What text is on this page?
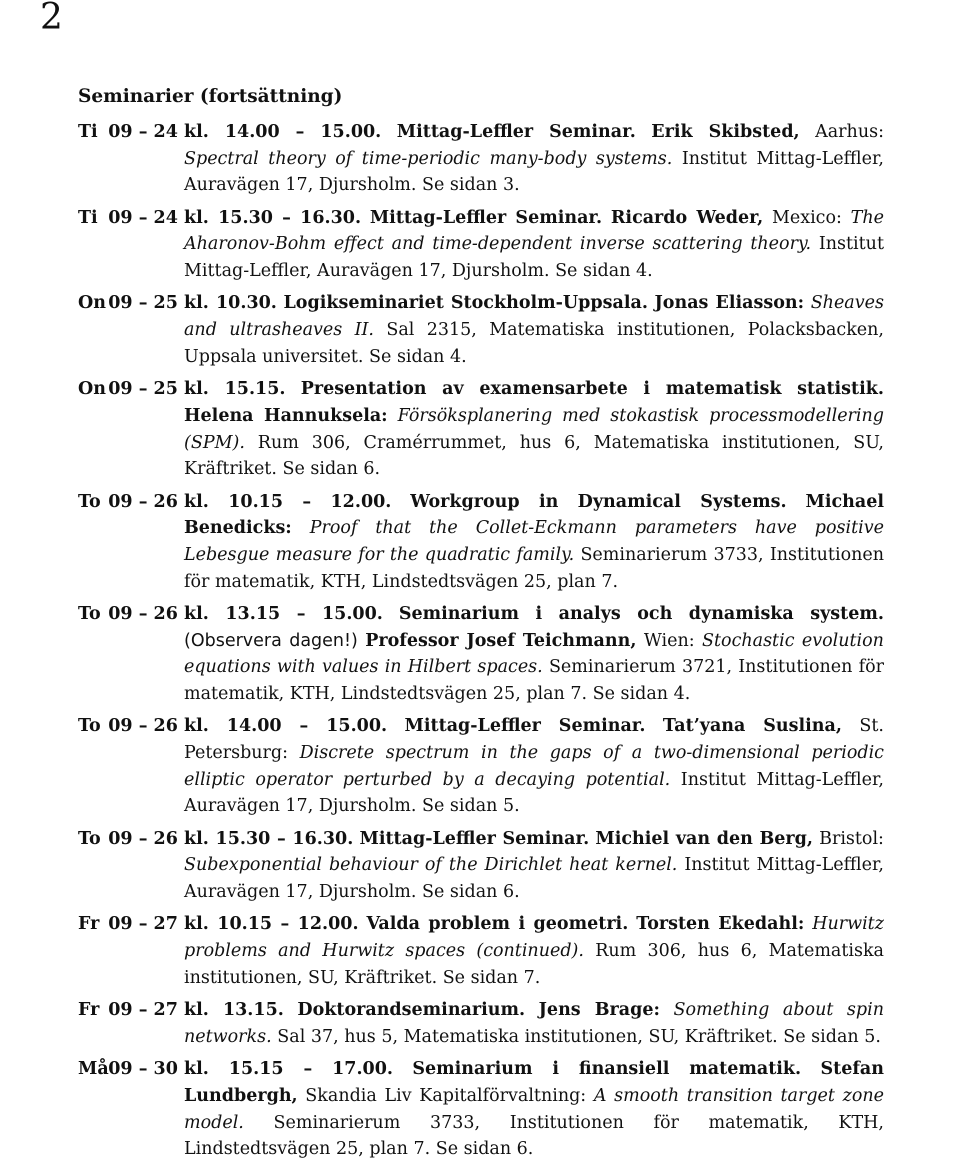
2
Seminarier (fortsättning)
Ti 09 – 24 kl. 14.00 – 15.00. Mittag-Leffler Seminar. Erik Skibsted, Aarhus: Spectral theory of time-periodic many-body systems. Institut Mittag-Leffler, Auravägen 17, Djursholm. Se sidan 3.
Ti 09 – 24 kl. 15.30 – 16.30. Mittag-Leffler Seminar. Ricardo Weder, Mexico: The Aharonov-Bohm effect and time-dependent inverse scattering theory. Institut Mittag-Leffler, Auravägen 17, Djursholm. Se sidan 4.
On 09 – 25 kl. 10.30. Logikseminariet Stockholm-Uppsala. Jonas Eliasson: Sheaves and ultrasheaves II. Sal 2315, Matematiska institutionen, Polacksbacken, Uppsala universitet. Se sidan 4.
On 09 – 25 kl. 15.15. Presentation av examensarbete i matematisk statistik. Helena Hannuksela: Försöksplanering med stokastisk processmodellering (SPM). Rum 306, Cramérrummet, hus 6, Matematiska institutionen, SU, Kräftriket. Se sidan 6.
To 09 – 26 kl. 10.15 – 12.00. Workgroup in Dynamical Systems. Michael Benedicks: Proof that the Collet-Eckmann parameters have positive Lebesgue measure for the quadratic family. Seminarierum 3733, Institutionen för matematik, KTH, Lindstedtsvägen 25, plan 7.
To 09 – 26 kl. 13.15 – 15.00. Seminarium i analys och dynamiska system. (Observera dagen!) Professor Josef Teichmann, Wien: Stochastic evolution equations with values in Hilbert spaces. Seminarierum 3721, Institutionen för matematik, KTH, Lindstedtsvägen 25, plan 7. Se sidan 4.
To 09 – 26 kl. 14.00 – 15.00. Mittag-Leffler Seminar. Tat’yana Suslina, St. Petersburg: Discrete spectrum in the gaps of a two-dimensional periodic elliptic operator perturbed by a decaying potential. Institut Mittag-Leffler, Auravägen 17, Djursholm. Se sidan 5.
To 09 – 26 kl. 15.30 – 16.30. Mittag-Leffler Seminar. Michiel van den Berg, Bristol: Subexponential behaviour of the Dirichlet heat kernel. Institut Mittag-Leffler, Auravägen 17, Djursholm. Se sidan 6.
Fr 09 – 27 kl. 10.15 – 12.00. Valda problem i geometri. Torsten Ekedahl: Hurwitz problems and Hurwitz spaces (continued). Rum 306, hus 6, Matematiska institutionen, SU, Kräftriket. Se sidan 7.
Fr 09 – 27 kl. 13.15. Doktorandseminarium. Jens Brage: Something about spin networks. Sal 37, hus 5, Matematiska institutionen, SU, Kräftriket. Se sidan 5.
Må 09 – 30 kl. 15.15 – 17.00. Seminarium i finansiell matematik. Stefan Lundbergh, Skandia Liv Kapitalförvaltning: A smooth transition target zone model. Seminarierum 3733, Institutionen för matematik, KTH, Lindstedtsvägen 25, plan 7. Se sidan 6.
